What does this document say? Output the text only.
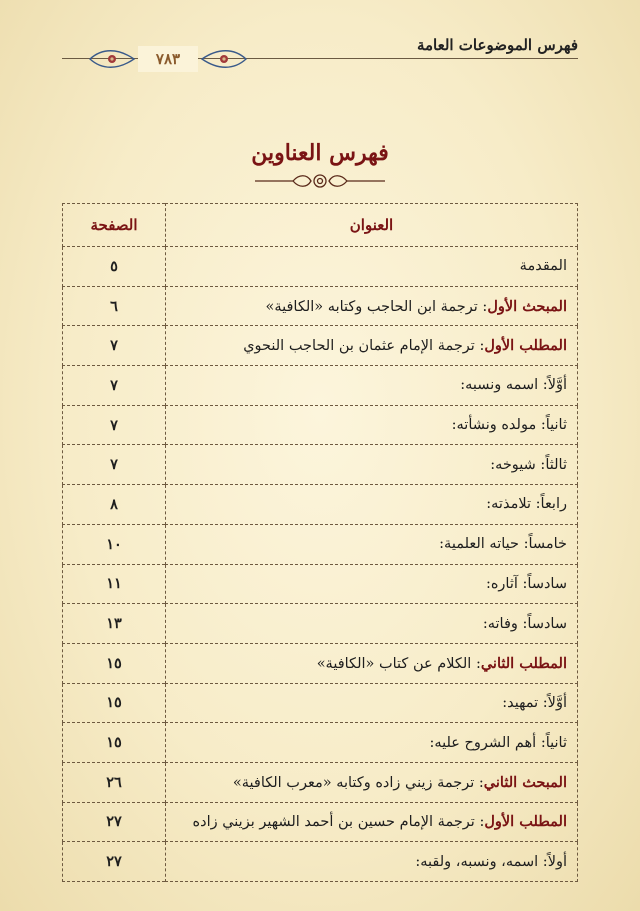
فهرس الموضوعات العامة
٧٨٣
فهرس العناوين
العنوان	الصفحة
المقدمة	٥
المبحث الأول: ترجمة ابن الحاجب وكتابه «الكافية»	٦
المطلب الأول: ترجمة الإمام عثمان بن الحاجب النحوي	٧
أوَّلاً: اسمه ونسبه:	٧
ثانياً: مولده ونشأته:	٧
ثالثاً: شيوخه:	٧
رابعاً: تلامذته:	٨
خامساً: حياته العلمية:	١٠
سادساً: آثاره:	١١
سادساً: وفاته:	١٣
المطلب الثاني: الكلام عن كتاب «الكافية»	١٥
أوَّلاً: تمهيد:	١٥
ثانياً: أهم الشروح عليه:	١٥
المبحث الثاني: ترجمة زيني زاده وكتابه «معرب الكافية»	٢٦
المطلب الأول: ترجمة الإمام حسين بن أحمد الشهير بزيني زاده	٢٧
أولاً: اسمه، ونسبه، ولقبه:	٢٧
